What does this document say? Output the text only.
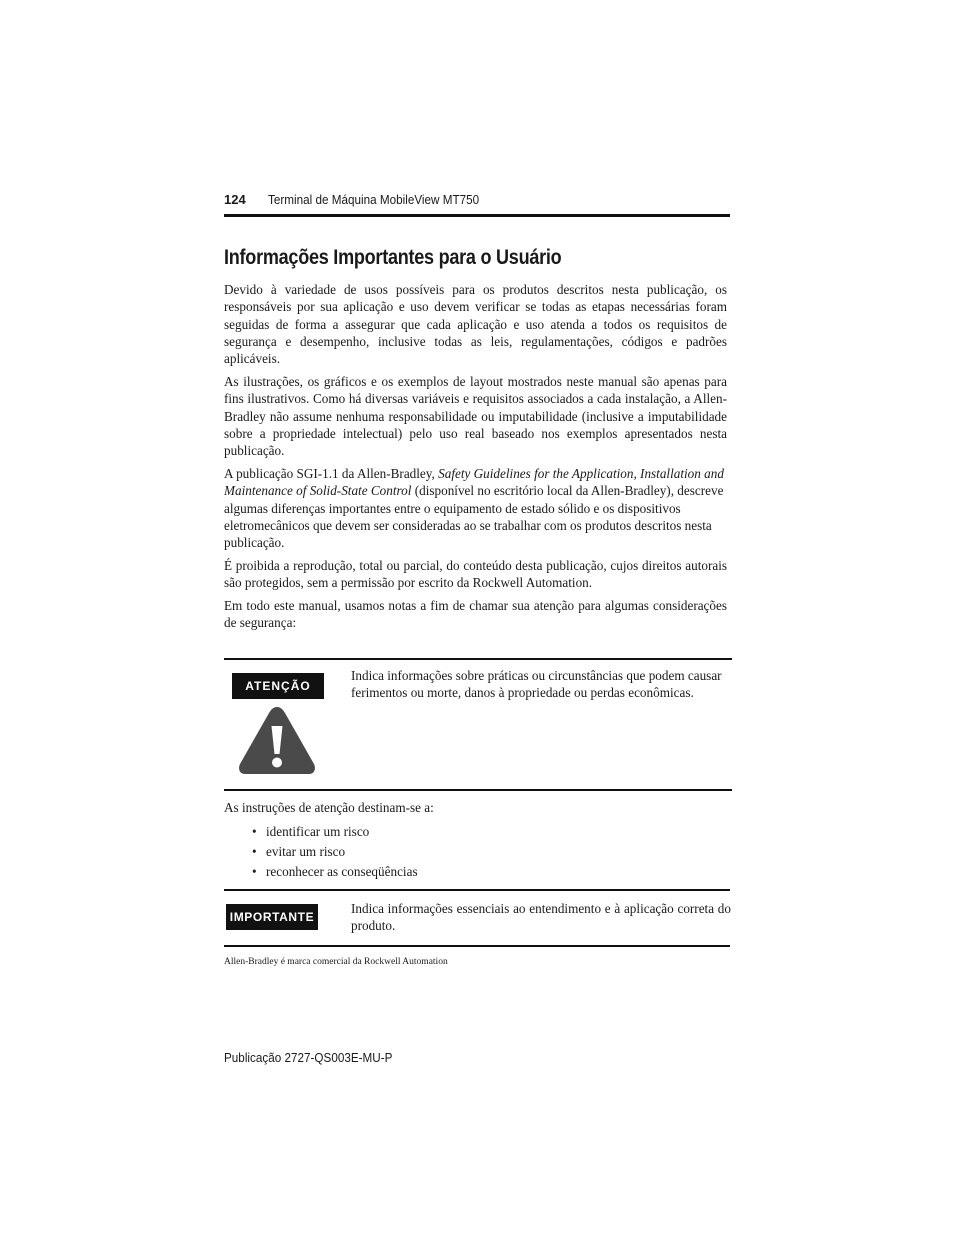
124 Terminal de Máquina MobileView MT750
Informações Importantes para o Usuário

Devido à variedade de usos possíveis para os produtos descritos nesta publicação, os responsáveis por sua aplicação e uso devem verificar se todas as etapas necessárias foram seguidas de forma a assegurar que cada aplicação e uso atenda a todos os requisitos de segurança e desempenho, inclusive todas as leis, regulamentações, códigos e padrões aplicáveis.

As ilustrações, os gráficos e os exemplos de layout mostrados neste manual são apenas para fins ilustrativos. Como há diversas variáveis e requisitos associados a cada instalação, a Allen-Bradley não assume nenhuma responsabilidade ou imputabilidade (inclusive a imputabilidade sobre a propriedade intelectual) pelo uso real baseado nos exemplos apresentados nesta publicação.

A publicação SGI-1.1 da Allen-Bradley, Safety Guidelines for the Application, Installation and Maintenance of Solid-State Control (disponível no escritório local da Allen-Bradley), descreve algumas diferenças importantes entre o equipamento de estado sólido e os dispositivos eletromecânicos que devem ser consideradas ao se trabalhar com os produtos descritos nesta publicação.

É proibida a reprodução, total ou parcial, do conteúdo desta publicação, cujos direitos autorais são protegidos, sem a permissão por escrito da Rockwell Automation.

Em todo este manual, usamos notas a fim de chamar sua atenção para algumas considerações de segurança:

ATENÇÃO

Indica informações sobre práticas ou circunstâncias que podem causar ferimentos ou morte, danos à propriedade ou perdas econômicas.

As instruções de atenção destinam-se a:

• identificar um risco
• evitar um risco
• reconhecer as conseqüências
IMPORTANTE

Indica informações essenciais ao entendimento e à aplicação correta do produto.

Allen-Bradley é marca comercial da Rockwell Automation
Publicação 2727-QS003E-MU-P
